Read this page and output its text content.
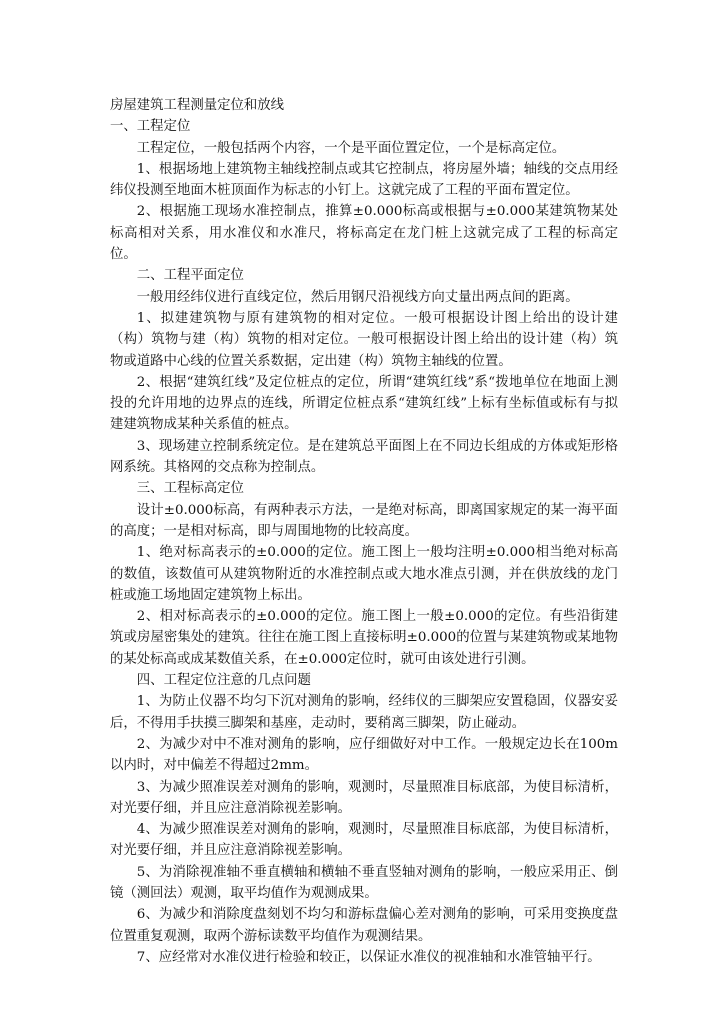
房屋建筑工程测量定位和放线

一、工程定位

工程定位，一般包括两个内容，一个是平面位置定位，一个是标高定位。

1、根据场地上建筑物主轴线控制点或其它控制点，将房屋外墙；轴线的交点用经纬仪投测至地面木桩顶面作为标志的小钉上。这就完成了工程的平面布置定位。

2、根据施工现场水准控制点，推算±0.000标高或根据与±0.000某建筑物某处标高相对关系，用水准仪和水准尺，将标高定在龙门桩上这就完成了工程的标高定位。

二、工程平面定位

一般用经纬仪进行直线定位，然后用钢尺沿视线方向丈量出两点间的距离。

1、拟建建筑物与原有建筑物的相对定位。一般可根据设计图上给出的设计建（构）筑物与建（构）筑物的相对定位。一般可根据设计图上给出的设计建（构）筑物或道路中心线的位置关系数据，定出建（构）筑物主轴线的位置。

2、根据“建筑红线”及定位桩点的定位，所谓“建筑红线”系“拨地单位在地面上测投的允许用地的边界点的连线，所谓定位桩点系“建筑红线”上标有坐标值或标有与拟建建筑物成某种关系值的桩点。

3、现场建立控制系统定位。是在建筑总平面图上在不同边长组成的方体或矩形格网系统。其格网的交点称为控制点。

三、工程标高定位

设计±0.000标高，有两种表示方法，一是绝对标高，即离国家规定的某一海平面的高度；一是相对标高，即与周围地物的比较高度。

1、绝对标高表示的±0.000的定位。施工图上一般均注明±0.000相当绝对标高的数值，该数值可从建筑物附近的水准控制点或大地水准点引测，并在供放线的龙门桩或施工场地固定建筑物上标出。

2、相对标高表示的±0.000的定位。施工图上一般±0.000的定位。有些沿街建筑或房屋密集处的建筑。往往在施工图上直接标明±0.000的位置与某建筑物或某地物的某处标高或成某数值关系，在±0.000定位时，就可由该处进行引测。

四、工程定位注意的几点问题

1、为防止仪器不均匀下沉对测角的影响，经纬仪的三脚架应安置稳固，仪器安妥后，不得用手扶摸三脚架和基座，走动时，要稍离三脚架，防止碰动。

2、为减少对中不准对测角的影响，应仔细做好对中工作。一般规定边长在100m以内时，对中偏差不得超过2mm。

3、为减少照准误差对测角的影响，观测时，尽量照准目标底部，为使目标清析，对光要仔细，并且应注意消除视差影响。

4、为减少照准误差对测角的影响，观测时，尽量照准目标底部，为使目标清析，对光要仔细，并且应注意消除视差影响。

5、为消除视准轴不垂直横轴和横轴不垂直竖轴对测角的影响，一般应采用正、倒镜（测回法）观测，取平均值作为观测成果。

6、为减少和消除度盘刻划不均匀和游标盘偏心差对测角的影响，可采用变换度盘位置重复观测，取两个游标读数平均值作为观测结果。

7、应经常对水准仪进行检验和较正，以保证水准仪的视准轴和水准管轴平行。
